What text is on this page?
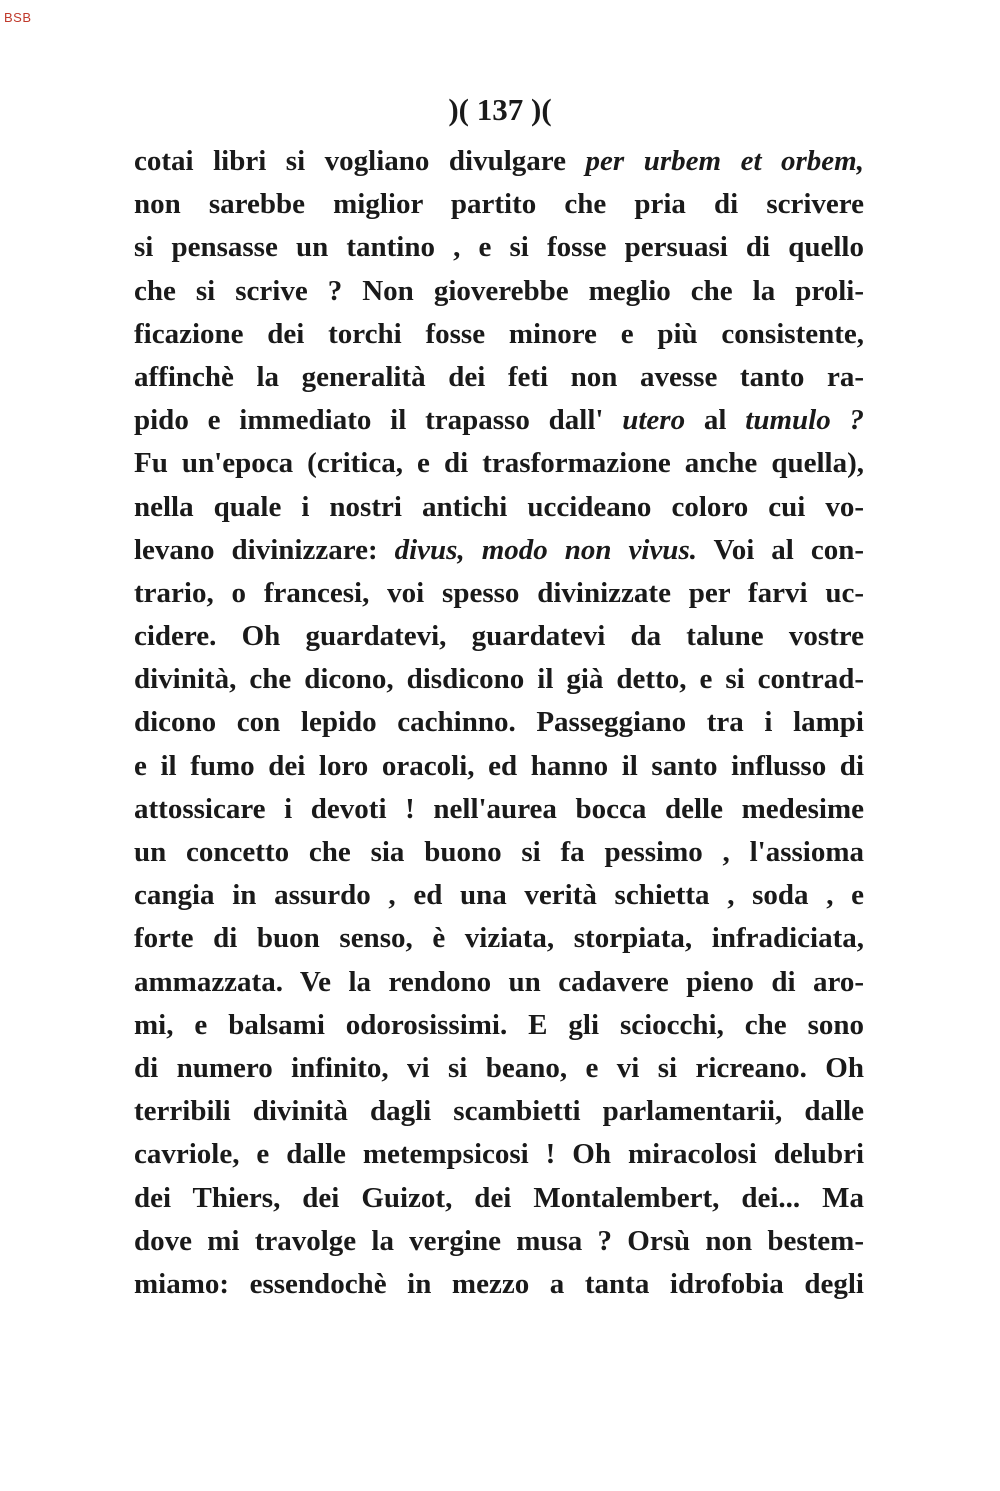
BSB
)( 137 )(
cotai libri si vogliano divulgare per urbem et orbem,
non sarebbe miglior partito che pria di scrivere
si pensasse un tantino , e si fosse persuasi di quello
che si scrive ? Non gioverebbe meglio che la proli-
ficazione dei torchi fosse minore e più consistente,
affinchè la generalità dei feti non avesse tanto ra-
pido e immediato il trapasso dall' utero al tumulo ?
Fu un'epoca (critica, e di trasformazione anche quella),
nella quale i nostri antichi uccideano coloro cui vo-
levano divinizzare: divus, modo non vivus. Voi al con-
trario, o francesi, voi spesso divinizzate per farvi uc-
cidere. Oh guardatevi, guardatevi da talune vostre
divinità, che dicono, disdicono il già detto, e si contrad-
dicono con lepido cachinno. Passeggiano tra i lampi
e il fumo dei loro oracoli, ed hanno il santo influsso di
attossicare i devoti ! nell'aurea bocca delle medesime
un concetto che sia buono si fa pessimo , l'assioma
cangia in assurdo , ed una verità schietta , soda , e
forte di buon senso, è viziata, storpiata, infradiciata,
ammazzata. Ve la rendono un cadavere pieno di aro-
mi, e balsami odorosissimi. E gli sciocchi, che sono
di numero infinito, vi si beano, e vi si ricreano. Oh
terribili divinità dagli scambietti parlamentarii, dalle
cavriole, e dalle metempsicosi ! Oh miracolosi delubri
dei Thiers, dei Guizot, dei Montalembert, dei... Ma
dove mi travolge la vergine musa ? Orsù non bestem-
miamo: essendochè in mezzo a tanta idrofobia degli
